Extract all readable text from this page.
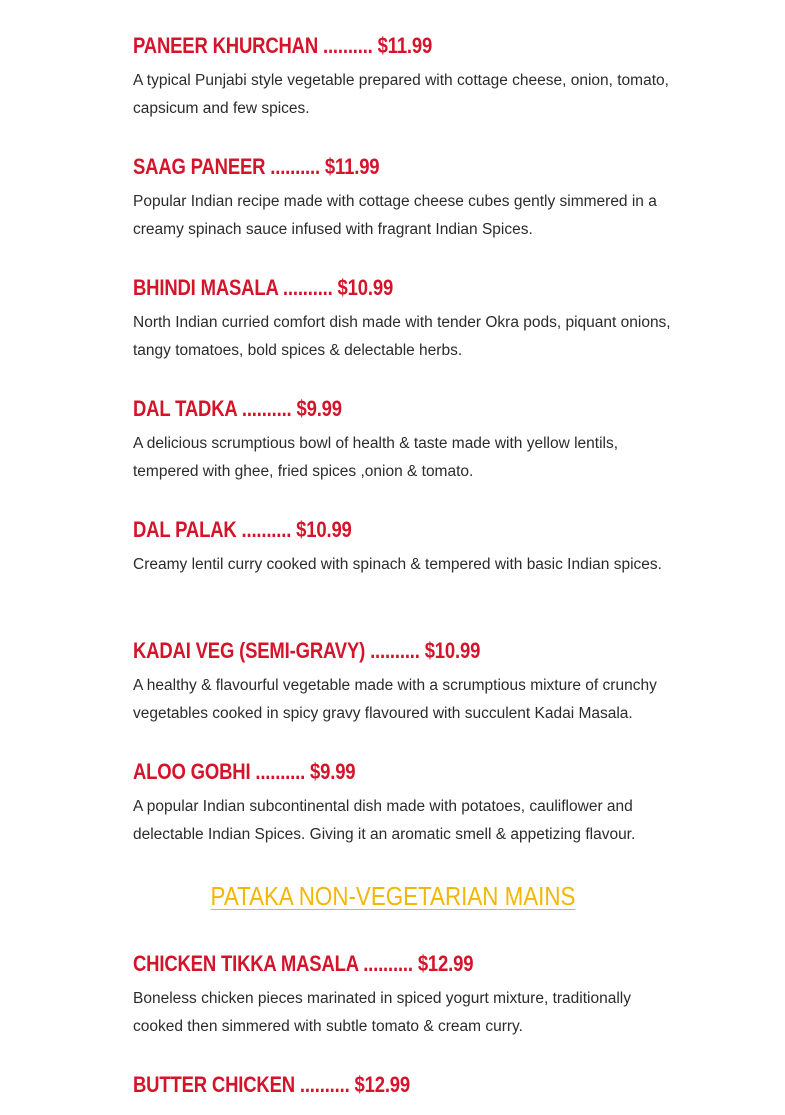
PANEER KHURCHAN .......... $11.99

A typical Punjabi style vegetable prepared with cottage cheese, onion, tomato, capsicum and few spices.

SAAG PANEER .......... $11.99

Popular Indian recipe made with cottage cheese cubes gently simmered in a creamy spinach sauce infused with fragrant Indian Spices.

BHINDI MASALA .......... $10.99

North Indian curried comfort dish made with tender Okra pods, piquant onions, tangy tomatoes, bold spices & delectable herbs.

DAL TADKA .......... $9.99

A delicious scrumptious bowl of health & taste made with yellow lentils, tempered with ghee, fried spices ,onion & tomato.

DAL PALAK .......... $10.99

Creamy lentil curry cooked with spinach & tempered with basic Indian spices.

KADAI VEG (SEMI-GRAVY) .......... $10.99

A healthy & flavourful vegetable made with a scrumptious mixture of crunchy vegetables cooked in spicy gravy flavoured with succulent Kadai Masala.

ALOO GOBHI .......... $9.99

A popular Indian subcontinental dish made with potatoes, cauliflower and delectable Indian Spices. Giving it an aromatic smell & appetizing flavour.

PATAKA NON-VEGETARIAN MAINS
CHICKEN TIKKA MASALA .......... $12.99

Boneless chicken pieces marinated in spiced yogurt mixture, traditionally cooked then simmered with subtle tomato & cream curry.

BUTTER CHICKEN .......... $12.99
